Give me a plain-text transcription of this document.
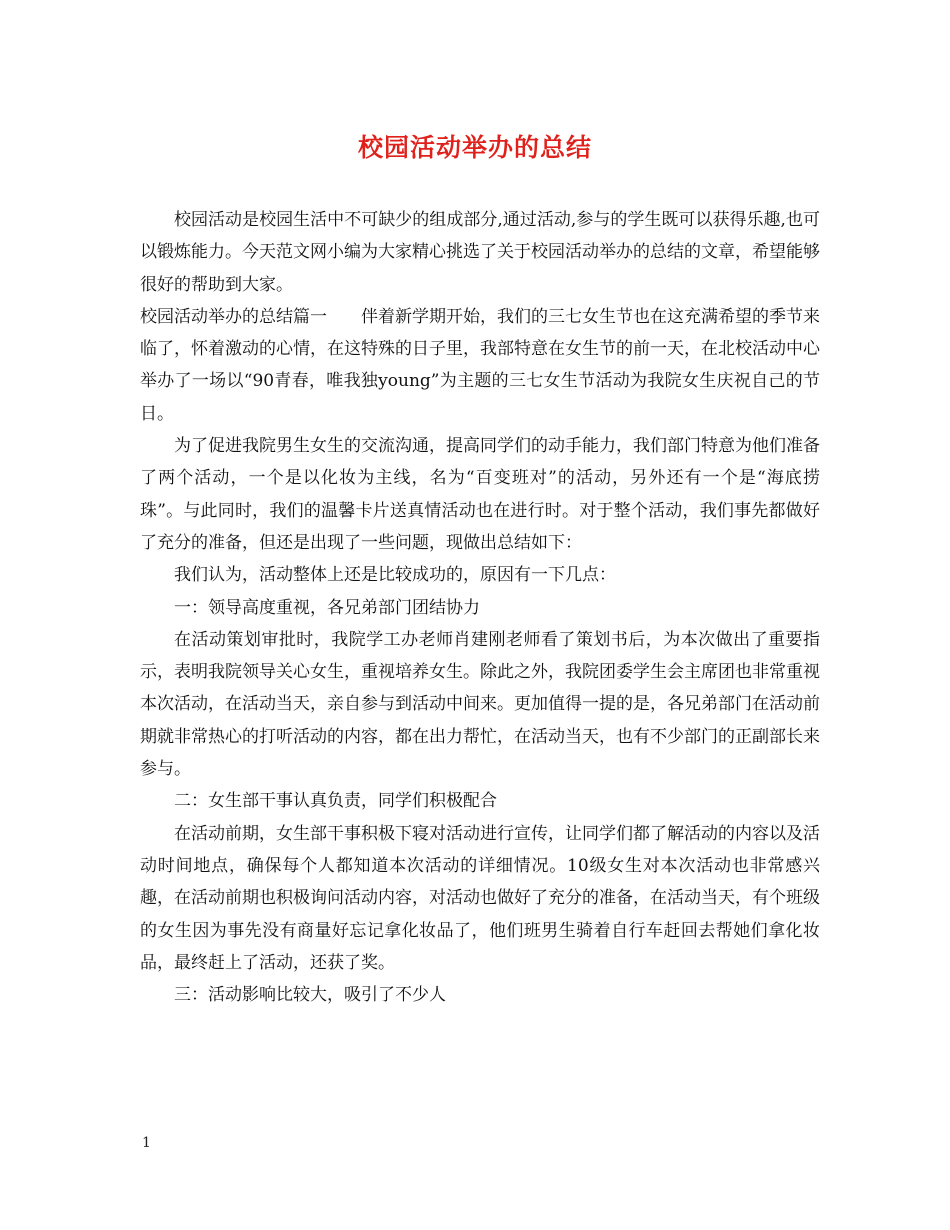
校园活动举办的总结

校园活动是校园生活中不可缺少的组成部分,通过活动,参与的学生既可以获得乐趣,也可以锻炼能力。今天范文网小编为大家精心挑选了关于校园活动举办的总结的文章，希望能够很好的帮助到大家。

校园活动举办的总结篇一　　伴着新学期开始，我们的三七女生节也在这充满希望的季节来临了，怀着激动的心情，在这特殊的日子里，我部特意在女生节的前一天，在北校活动中心举办了一场以“90青春，唯我独young”为主题的三七女生节活动为我院女生庆祝自己的节日。

为了促进我院男生女生的交流沟通，提高同学们的动手能力，我们部门特意为他们准备了两个活动，一个是以化妆为主线，名为“百变班对”的活动，另外还有一个是“海底捞珠”。与此同时，我们的温馨卡片送真情活动也在进行时。对于整个活动，我们事先都做好了充分的准备，但还是出现了一些问题，现做出总结如下：

我们认为，活动整体上还是比较成功的，原因有一下几点：

一：领导高度重视，各兄弟部门团结协力

在活动策划审批时，我院学工办老师肖建刚老师看了策划书后，为本次做出了重要指示，表明我院领导关心女生，重视培养女生。除此之外，我院团委学生会主席团也非常重视本次活动，在活动当天，亲自参与到活动中间来。更加值得一提的是，各兄弟部门在活动前期就非常热心的打听活动的内容，都在出力帮忙，在活动当天，也有不少部门的正副部长来参与。

二：女生部干事认真负责，同学们积极配合

在活动前期，女生部干事积极下寝对活动进行宣传，让同学们都了解活动的内容以及活动时间地点，确保每个人都知道本次活动的详细情况。10级女生对本次活动也非常感兴趣，在活动前期也积极询问活动内容，对活动也做好了充分的准备，在活动当天，有个班级的女生因为事先没有商量好忘记拿化妆品了，他们班男生骑着自行车赶回去帮她们拿化妆品，最终赶上了活动，还获了奖。

三：活动影响比较大，吸引了不少人

1
